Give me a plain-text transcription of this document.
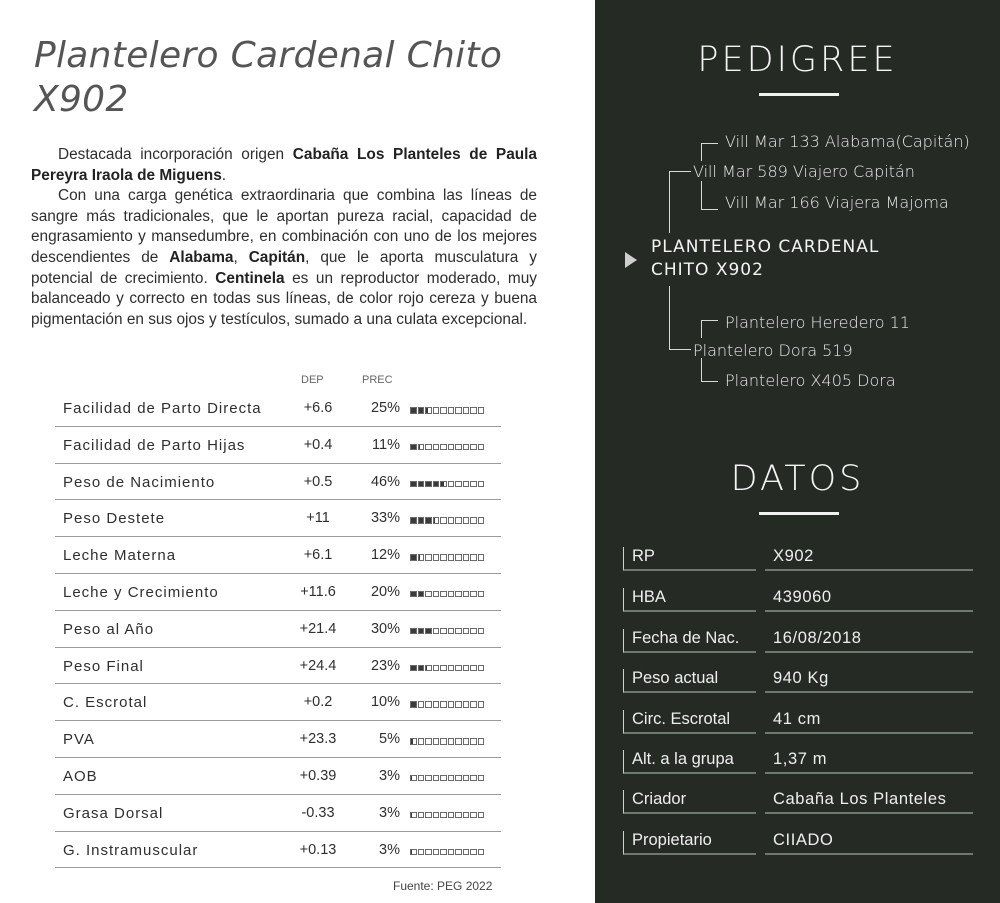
Plantelero Cardenal Chito X902

Destacada incorporación origen Cabaña Los Planteles de Paula Pereyra Iraola de Miguens.

Con una carga genética extraordinaria que combina las líneas de sangre más tradicionales, que le aportan pureza racial, capacidad de engrasamiento y mansedumbre, en combinación con uno de los mejores descendientes de Alabama, Capitán, que le aporta musculatura y potencial de crecimiento. Centinela es un reproductor moderado, muy balanceado y correcto en todas sus líneas, de color rojo cereza y buena pigmentación en sus ojos y testículos, sumado a una culata excepcional.

DEP	PREC
Facilidad de Parto Directa	+6.6	25%
Facilidad de Parto Hijas	+0.4	11%
Peso de Nacimiento	+0.5	46%
Peso Destete	+11	33%
Leche Materna	+6.1	12%
Leche y Crecimiento	+11.6	20%
Peso al Año	+21.4	30%
Peso Final	+24.4	23%
C. Escrotal	+0.2	10%
PVA	+23.3	5%
AOB	+0.39	3%
Grasa Dorsal	-0.33	3%
G. Instramuscular	+0.13	3%
Fuente: PEG 2022
PEDIGREE
Vill Mar 133 Alabama(Capitán)
Vill Mar 589 Viajero Capitán
Vill Mar 166 Viajera Majoma
PLANTELERO CARDENAL
CHITO X902
Plantelero Heredero 11
Plantelero Dora 519
Plantelero X405 Dora
DATOS
RP	X902
HBA	439060
Fecha de Nac.	16/08/2018
Peso actual	940 Kg
Circ. Escrotal	41 cm
Alt. a la grupa	1,37 m
Criador	Cabaña Los Planteles
Propietario	CIIADO
